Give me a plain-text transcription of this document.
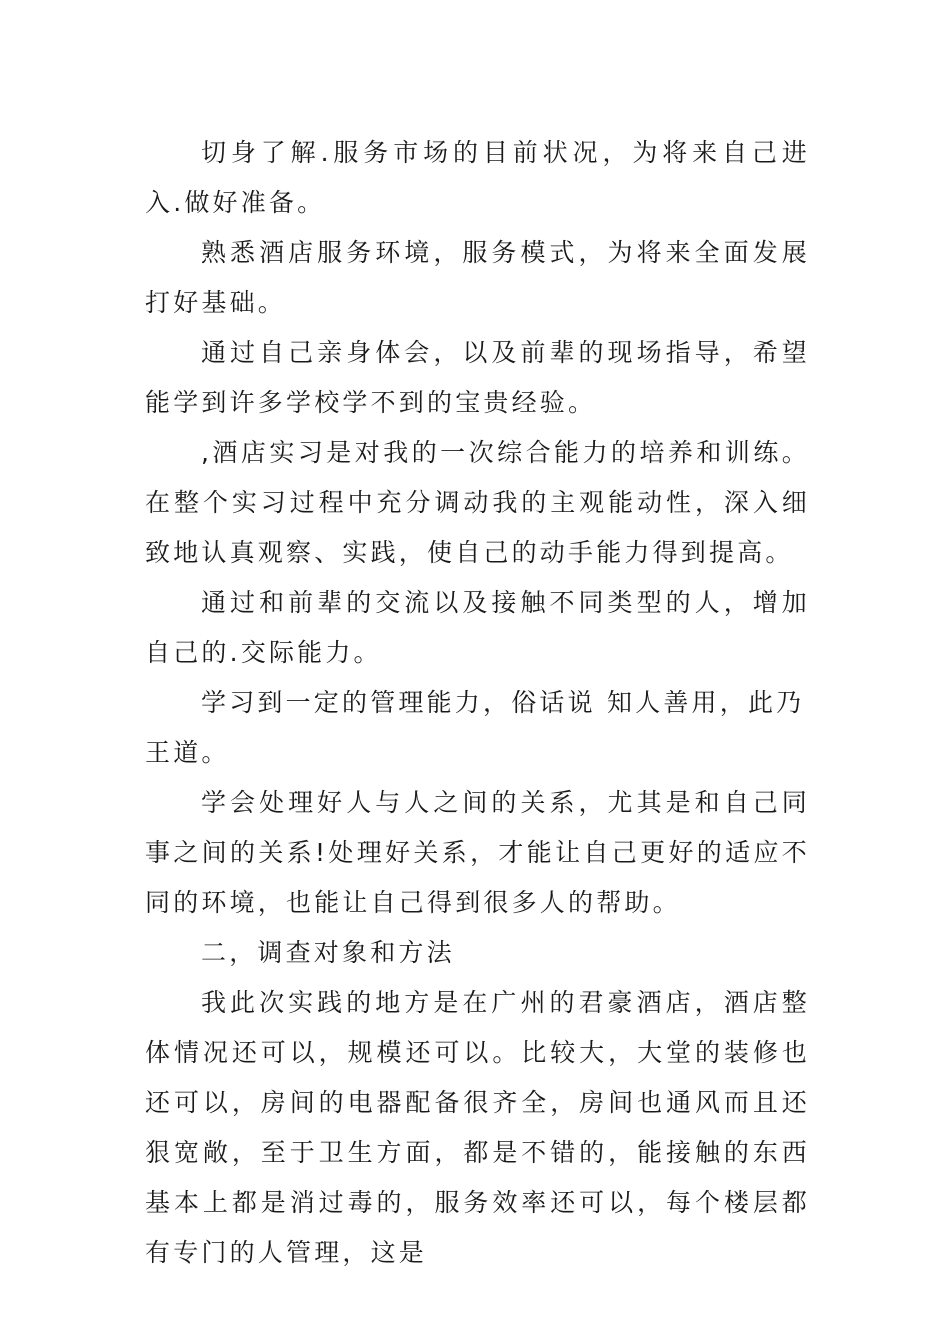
切身了解.服务市场的目前状况，为将来自己进入.做好准备。

熟悉酒店服务环境，服务模式，为将来全面发展打好基础。

通过自己亲身体会，以及前辈的现场指导，希望能学到许多学校学不到的宝贵经验。

,酒店实习是对我的一次综合能力的培养和训练。在整个实习过程中充分调动我的主观能动性，深入细致地认真观察、实践，使自己的动手能力得到提高。

通过和前辈的交流以及接触不同类型的人，增加自己的.交际能力。

学习到一定的管理能力，俗话说 知人善用，此乃王道。

学会处理好人与人之间的关系，尤其是和自己同事之间的关系!处理好关系，才能让自己更好的适应不同的环境，也能让自己得到很多人的帮助。

二，调查对象和方法

我此次实践的地方是在广州的君豪酒店，酒店整体情况还可以，规模还可以。比较大，大堂的装修也还可以，房间的电器配备很齐全，房间也通风而且还狠宽敞，至于卫生方面，都是不错的，能接触的东西基本上都是消过毒的，服务效率还可以，每个楼层都有专门的人管理，这是
